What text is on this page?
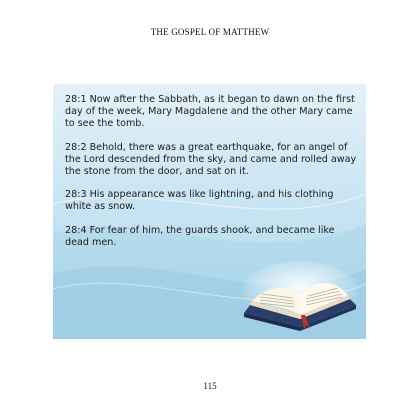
THE GOSPEL OF MATTHEW

28:1 Now after the Sabbath, as it began to dawn on the first day of the week, Mary Magdalene and the other Mary came to see the tomb.

28:2 Behold, there was a great earthquake, for an angel of the Lord descended from the sky, and came and rolled away the stone from the door, and sat on it.

28:3 His appearance was like lightning, and his clothing white as snow.

28:4 For fear of him, the guards shook, and became like dead men.

115
